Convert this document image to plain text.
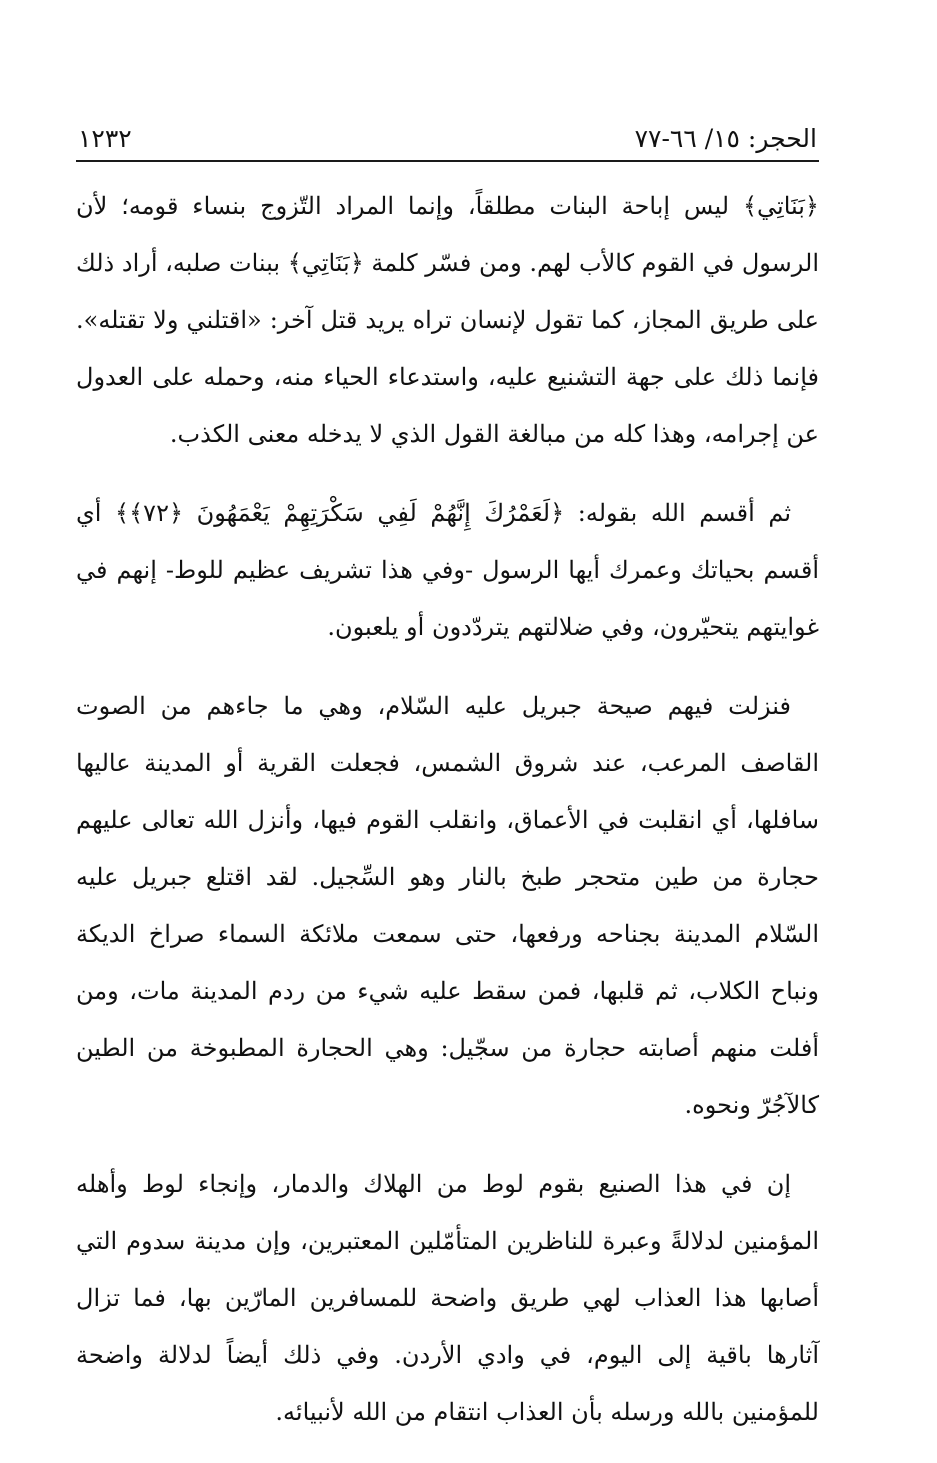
الحجر: ١٥/ ٦٦-٧٧
١٢٣٢

﴿بَنَاتِي﴾ ليس إباحة البنات مطلقاً، وإنما المراد التّزوج بنساء قومه؛ لأن الرسول في القوم كالأب لهم. ومن فسّر كلمة ﴿بَنَاتِي﴾ ببنات صلبه، أراد ذلك على طريق المجاز، كما تقول لإنسان تراه يريد قتل آخر: «اقتلني ولا تقتله». فإنما ذلك على جهة التشنيع عليه، واستدعاء الحياء منه، وحمله على العدول عن إجرامه، وهذا كله من مبالغة القول الذي لا يدخله معنى الكذب.

ثم أقسم الله بقوله: ﴿لَعَمْرُكَ إِنَّهُمْ لَفِي سَكْرَتِهِمْ يَعْمَهُونَ ﴿٧٢﴾﴾ أي أقسم بحياتك وعمرك أيها الرسول -وفي هذا تشريف عظيم للوط- إنهم في غوايتهم يتحيّرون، وفي ضلالتهم يتردّدون أو يلعبون.

فنزلت فيهم صيحة جبريل عليه السّلام، وهي ما جاءهم من الصوت القاصف المرعب، عند شروق الشمس، فجعلت القرية أو المدينة عاليها سافلها، أي انقلبت في الأعماق، وانقلب القوم فيها، وأنزل الله تعالى عليهم حجارة من طين متحجر طبخ بالنار وهو السِّجيل. لقد اقتلع جبريل عليه السّلام المدينة بجناحه ورفعها، حتى سمعت ملائكة السماء صراخ الديكة ونباح الكلاب، ثم قلبها، فمن سقط عليه شيء من ردم المدينة مات، ومن أفلت منهم أصابته حجارة من سجّيل: وهي الحجارة المطبوخة من الطين كالآجُرّ ونحوه.

إن في هذا الصنيع بقوم لوط من الهلاك والدمار، وإنجاء لوط وأهله المؤمنين لدلالةً وعبرة للناظرين المتأمّلين المعتبرين، وإن مدينة سدوم التي أصابها هذا العذاب لهي طريق واضحة للمسافرين المارّين بها، فما تزال آثارها باقية إلى اليوم، في وادي الأردن. وفي ذلك أيضاً لدلالة واضحة للمؤمنين بالله ورسله بأن العذاب انتقام من الله لأنبيائه.
